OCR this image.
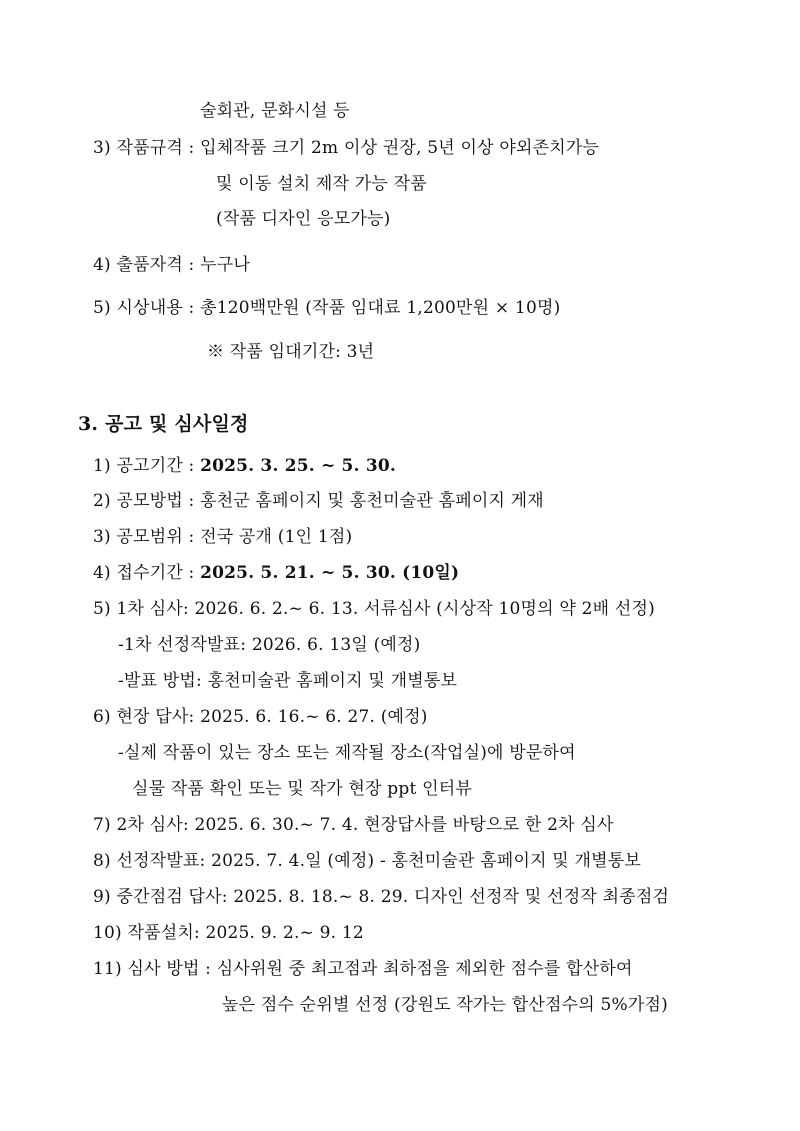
술회관, 문화시설 등
3) 작품규격 : 입체작품 크기 2m 이상 권장, 5년 이상 야외존치가능
및 이동 설치 제작 가능 작품
(작품 디자인 응모가능)
4) 출품자격 : 누구나
5) 시상내용 : 총120백만원 (작품 임대료 1,200만원 × 10명)
※ 작품 임대기간: 3년
3. 공고 및 심사일정
1) 공고기간 : 2025. 3. 25. ~ 5. 30.
2) 공모방법 : 홍천군 홈페이지 및 홍천미술관 홈페이지 게재
3) 공모범위 : 전국 공개 (1인 1점)
4) 접수기간 : 2025. 5. 21. ~ 5. 30. (10일)
5) 1차 심사: 2026. 6. 2.~ 6. 13. 서류심사 (시상작 10명의 약 2배 선정)
-1차 선정작발표: 2026. 6. 13일 (예정)
-발표 방법: 홍천미술관 홈페이지 및 개별통보
6) 현장 답사: 2025. 6. 16.~ 6. 27. (예정)
-실제 작품이 있는 장소 또는 제작될 장소(작업실)에 방문하여
실물 작품 확인 또는 및 작가 현장 ppt 인터뷰
7) 2차 심사: 2025. 6. 30.~ 7. 4. 현장답사를 바탕으로 한 2차 심사
8) 선정작발표: 2025. 7. 4.일 (예정) - 홍천미술관 홈페이지 및 개별통보
9) 중간점검 답사: 2025. 8. 18.~ 8. 29. 디자인 선정작 및 선정작 최종점검
10) 작품설치: 2025. 9. 2.~ 9. 12
11) 심사 방법 : 심사위원 중 최고점과 최하점을 제외한 점수를 합산하여
높은 점수 순위별 선정 (강원도 작가는 합산점수의 5%가점)
